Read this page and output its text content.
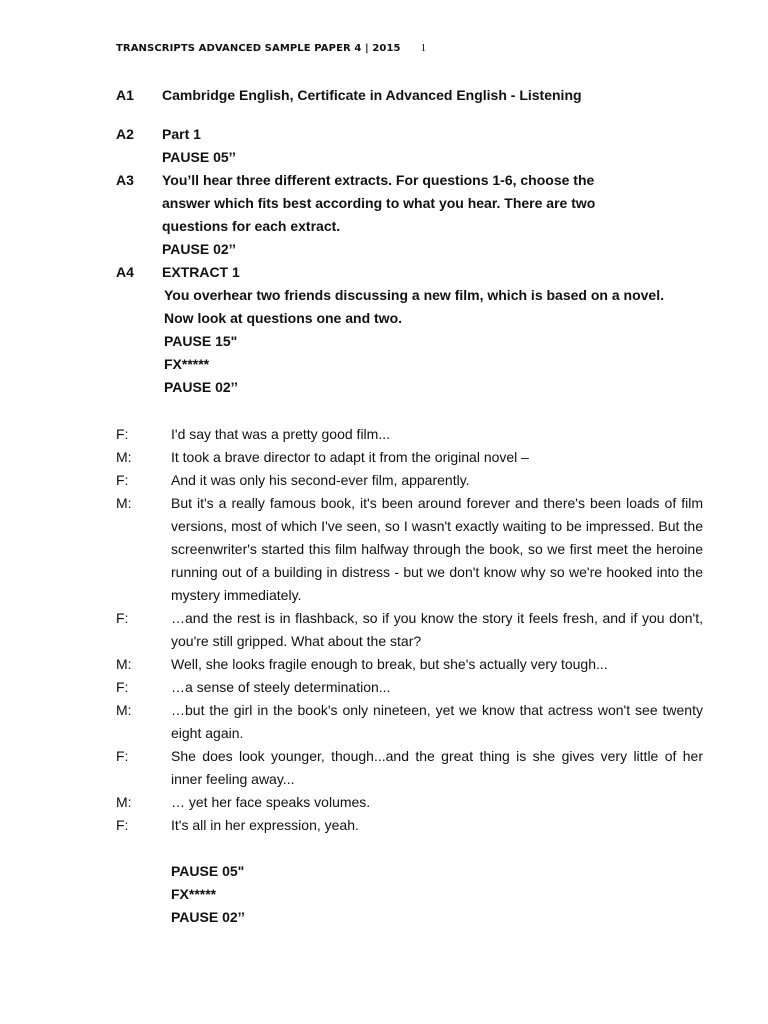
TRANSCRIPTS ADVANCED SAMPLE PAPER 4 | 2015 1
A1 Cambridge English, Certificate in Advanced English - Listening
A2 Part 1
PAUSE 05’’
A3 You’ll hear three different extracts. For questions 1-6, choose the
answer which fits best according to what you hear. There are two
questions for each extract.
PAUSE 02’’
A4 EXTRACT 1
You overhear two friends discussing a new film, which is based on a novel.
Now look at questions one and two.
PAUSE 15"
FX*****
PAUSE 02’’
F:	I'd say that was a pretty good film...
M:	It took a brave director to adapt it from the original novel –
F:	And it was only his second-ever film, apparently.
M:	But it's a really famous book, it's been around forever and there's been loads of film versions, most of which I've seen, so I wasn't exactly waiting to be impressed. But the screenwriter's started this film halfway through the book, so we first meet the heroine running out of a building in distress - but we don't know why so we're hooked into the mystery immediately.
F:	…and the rest is in flashback, so if you know the story it feels fresh, and if you don't, you're still gripped. What about the star?
M:	Well, she looks fragile enough to break, but she's actually very tough...
F:	…a sense of steely determination...
M:	…but the girl in the book's only nineteen, yet we know that actress won't see twenty eight again.
F:	She does look younger, though...and the great thing is she gives very little of her inner feeling away...
M:	… yet her face speaks volumes.
F:	It's all in her expression, yeah.
PAUSE 05"
FX*****
PAUSE 02’’
